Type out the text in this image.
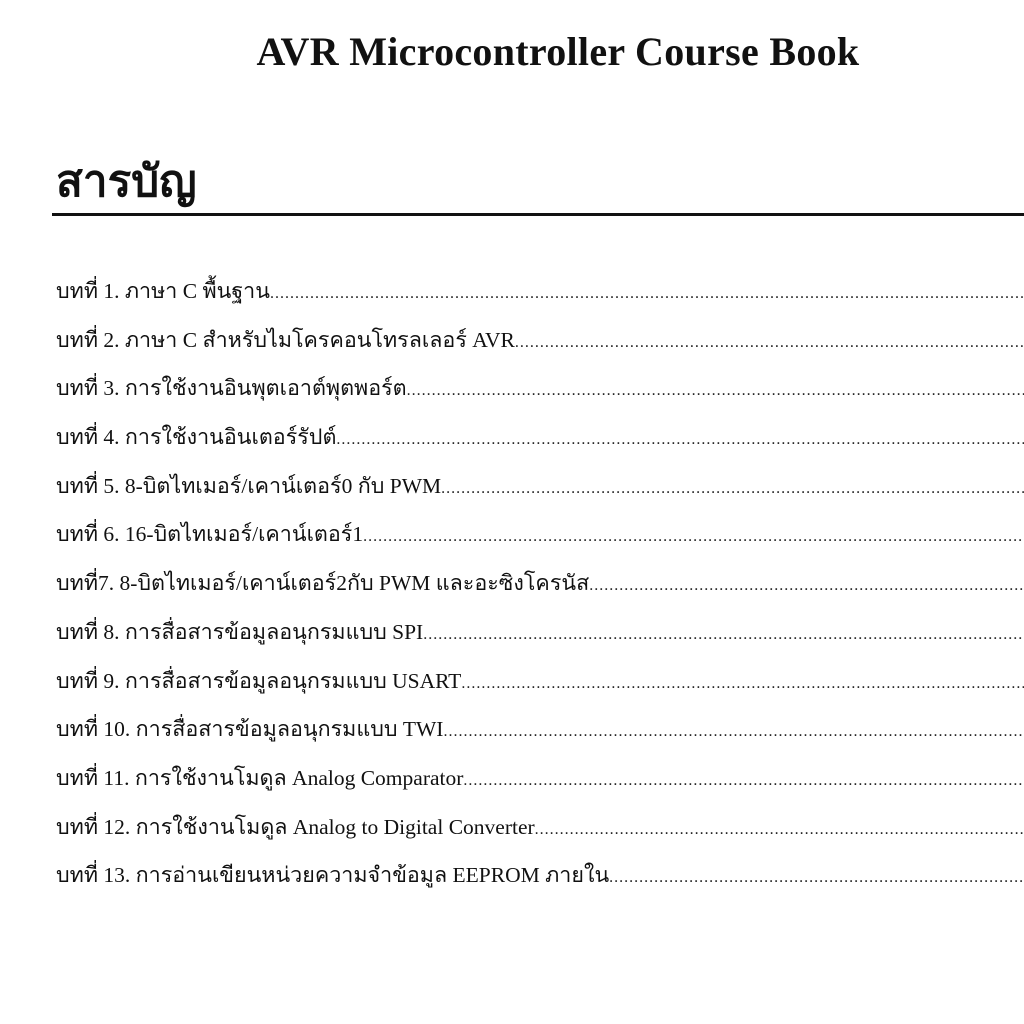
AVR Microcontroller Course Book
สารบัญ
บทที่ 1. ภาษา C พื้นฐาน
.....
บทที่ 2. ภาษา C สำหรับไมโครคอนโทรลเลอร์ AVR
.....
บทที่ 3. การใช้งานอินพุตเอาต์พุตพอร์ต
.....
บทที่ 4. การใช้งานอินเตอร์รัปต์
.....
บทที่ 5. 8-บิตไทเมอร์/เคาน์เตอร์0 กับ PWM
.....
บทที่ 6. 16-บิตไทเมอร์/เคาน์เตอร์1
.....
บทที่7. 8-บิตไทเมอร์/เคาน์เตอร์2กับ PWM และอะซิงโครนัส
.....
บทที่ 8. การสื่อสารข้อมูลอนุกรมแบบ SPI
.....
บทที่ 9. การสื่อสารข้อมูลอนุกรมแบบ USART
.....
บทที่ 10. การสื่อสารข้อมูลอนุกรมแบบ TWI
.....
บทที่ 11. การใช้งานโมดูล Analog Comparator
.....
บทที่ 12. การใช้งานโมดูล Analog to Digital Converter
.....
บทที่ 13. การอ่านเขียนหน่วยความจำข้อมูล EEPROM ภายใน
.....
